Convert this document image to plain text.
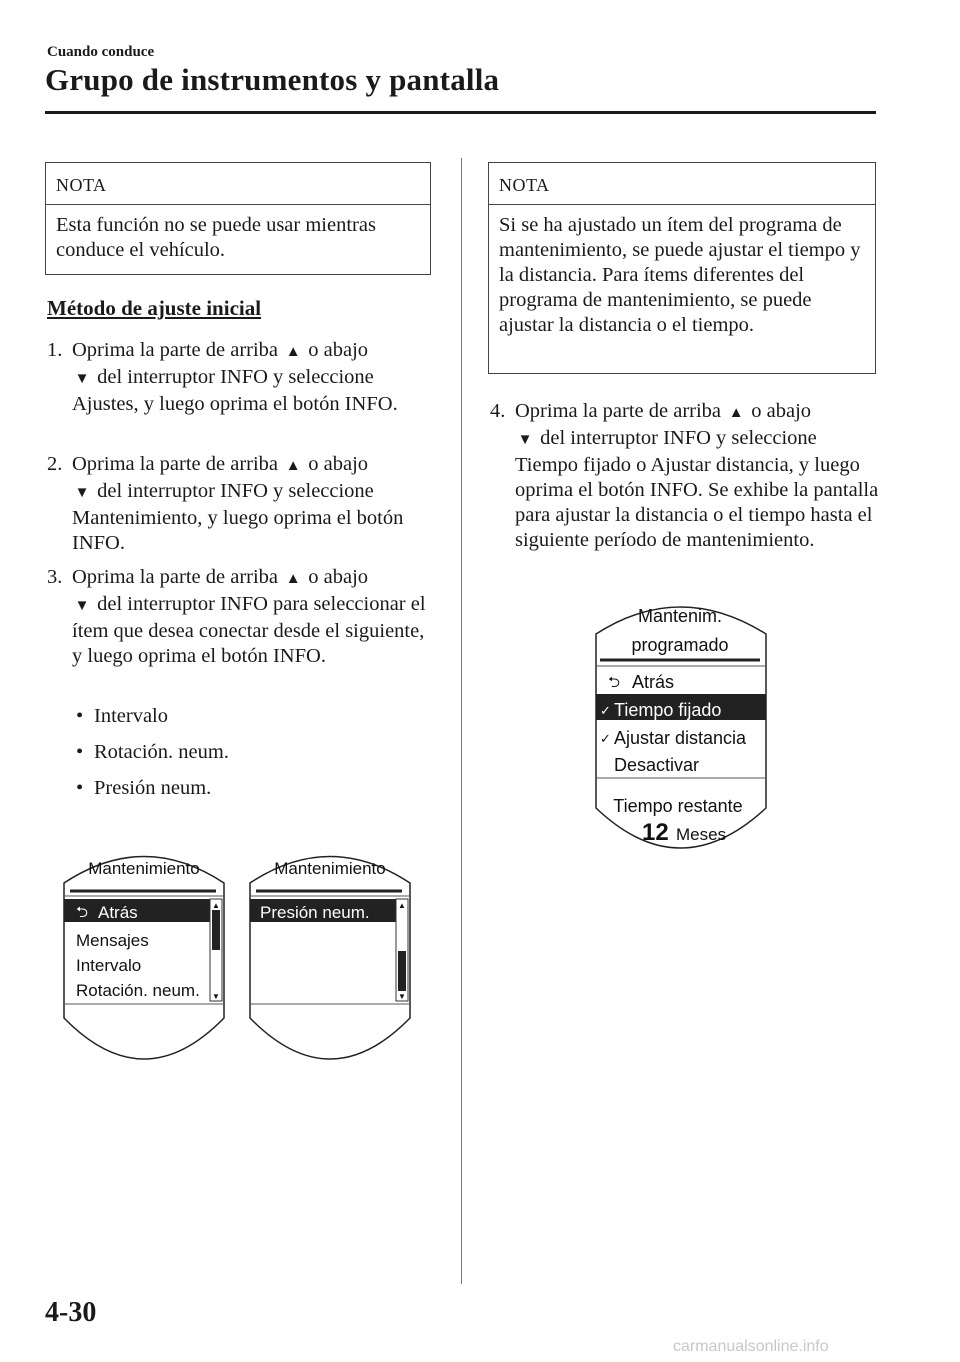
Cuando conduce
Grupo de instrumentos y pantalla
NOTA
Esta función no se puede usar mientras conduce el vehículo.
Método de ajuste inicial
1. Oprima la parte de arriba ▲ o abajo
▼ del interruptor INFO y seleccione Ajustes, y luego oprima el botón INFO.
2. Oprima la parte de arriba ▲ o abajo
▼ del interruptor INFO y seleccione Mantenimiento, y luego oprima el botón INFO.
3. Oprima la parte de arriba ▲ o abajo
▼ del interruptor INFO para seleccionar el ítem que desea conectar desde el siguiente, y luego oprima el botón INFO.
• Intervalo
• Rotación. neum.
• Presión neum.
Mantenimiento
⮌ Atrás
Mensajes
Intervalo
Rotación. neum.
▲
▼
Mantenimiento
Presión neum.	▲
▼
NOTA
Si se ha ajustado un ítem del programa de mantenimiento, se puede ajustar el tiempo y la distancia. Para ítems diferentes del programa de mantenimiento, se puede ajustar la distancia o el tiempo.
4. Oprima la parte de arriba ▲ o abajo
▼ del interruptor INFO y seleccione Tiempo fijado o Ajustar distancia, y luego oprima el botón INFO. Se exhibe la pantalla para ajustar la distancia o el tiempo hasta el siguiente período de mantenimiento.
Mantenim.
programado
⮌ Atrás
✓ Tiempo fijado
✓ Ajustar distancia
Desactivar
Tiempo restante
12 Meses
4-30
carmanualsonline.info
